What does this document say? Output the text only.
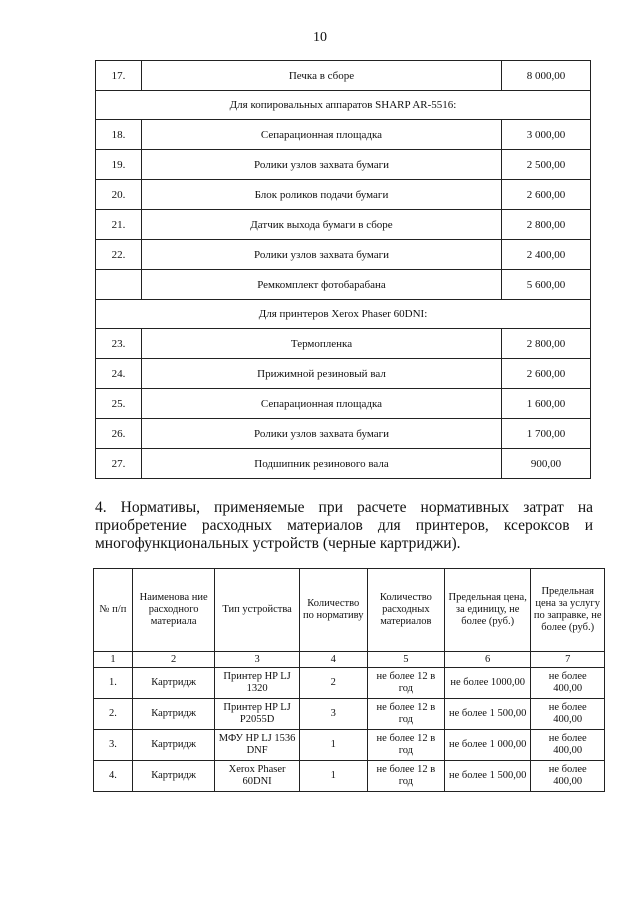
10
17.	Печка в сборе	8 000,00
Для копировальных аппаратов SHARP AR-5516:		
18.	Сепарационная площадка	3 000,00
19.	Ролики узлов захвата бумаги	2 500,00
20.	Блок роликов подачи бумаги	2 600,00
21.	Датчик выхода бумаги в сборе	2 800,00
22.	Ролики узлов захвата бумаги	2 400,00
	Ремкомплект фотобарабана	5 600,00
Для принтеров Xerox Phaser 60DNI:		
23.	Термопленка	2 800,00
24.	Прижимной резиновый вал	2 600,00
25.	Сепарационная площадка	1 600,00
26.	Ролики узлов захвата бумаги	1 700,00
27.	Подшипник резинового вала	900,00
4. Нормативы, применяемые при расчете нормативных затрат на
приобретение расходных материалов для принтеров, ксероксов и
многофункциональных устройств (черные картриджи).
№ п/п	Наименова ние расходного материала	Тип устройства	Количество по нормативу	Количество расходных материалов	Предельная цена, за единицу, не более (руб.)	Предельная цена за услугу по заправке, не более (руб.)
1	2	3	4	5	6	7
1.	Картридж	Принтер HP LJ 1320	2	не более 12 в год	не более 1000,00	не более 400,00
2.	Картридж	Принтер HP LJ P2055D	3	не более 12 в год	не более 1 500,00	не более 400,00
3.	Картридж	МФУ HP LJ 1536 DNF	1	не более 12 в год	не более 1 000,00	не более 400,00
4.	Картридж	Xerox Phaser 60DNI	1	не более 12 в год	не более 1 500,00	не более 400,00
